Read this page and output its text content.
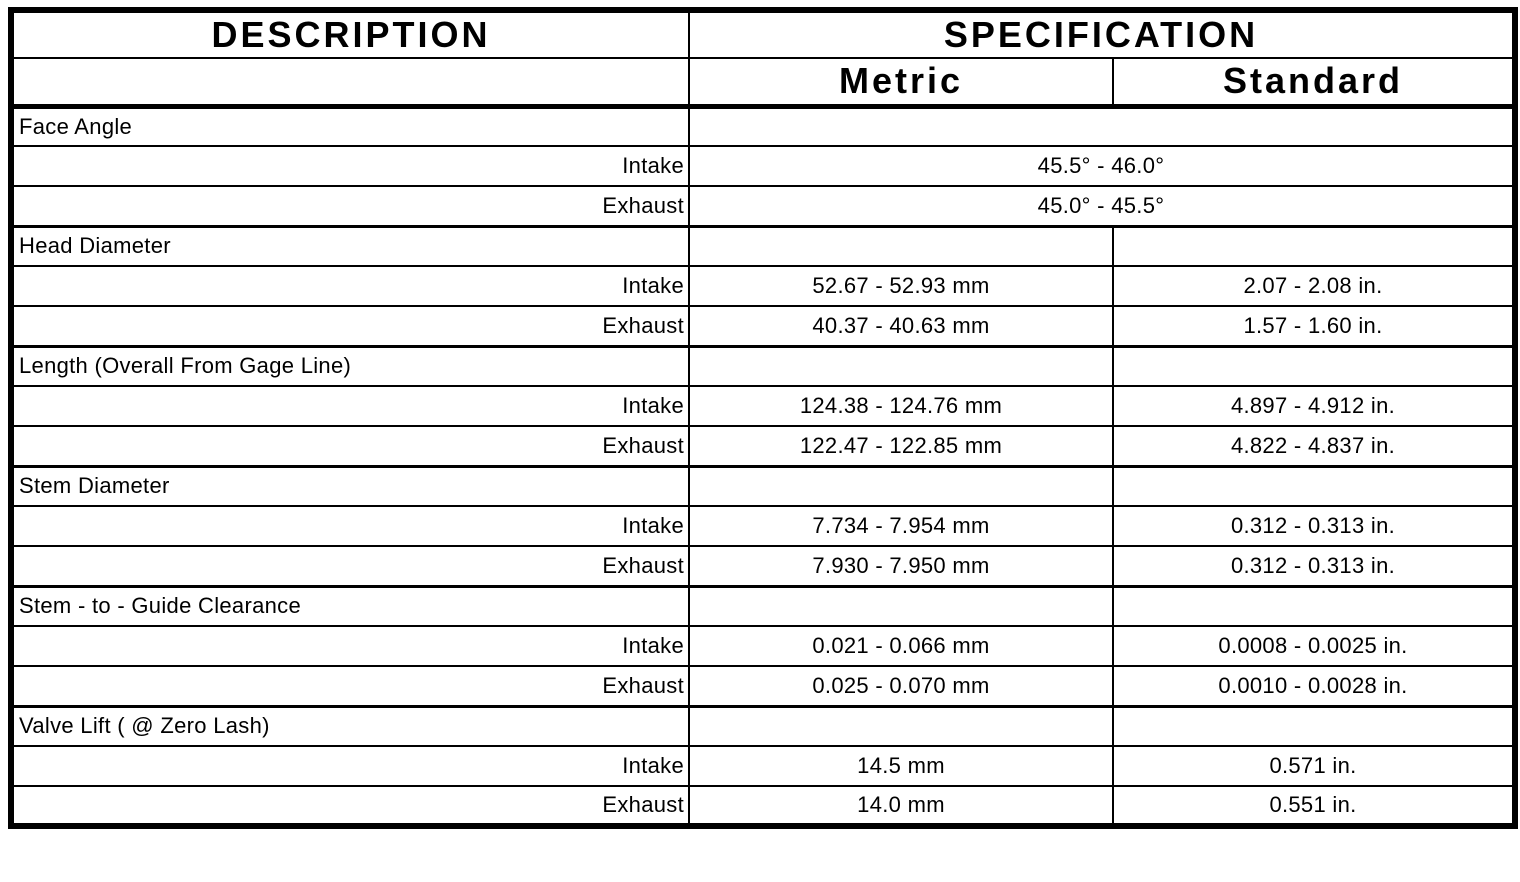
DESCRIPTION	SPECIFICATION	
	Metric	Standard
Face Angle		
Intake	45.5° - 46.0°	
Exhaust	45.0° - 45.5°	
Head Diameter		
Intake	52.67 - 52.93 mm	2.07 - 2.08 in.
Exhaust	40.37 - 40.63 mm	1.57 - 1.60 in.
Length (Overall From Gage Line)		
Intake	124.38 - 124.76 mm	4.897 - 4.912 in.
Exhaust	122.47 - 122.85 mm	4.822 - 4.837 in.
Stem Diameter		
Intake	7.734 - 7.954 mm	0.312 - 0.313 in.
Exhaust	7.930 - 7.950 mm	0.312 - 0.313 in.
Stem - to - Guide Clearance		
Intake	0.021 - 0.066 mm	0.0008 - 0.0025 in.
Exhaust	0.025 - 0.070 mm	0.0010 - 0.0028 in.
Valve Lift ( @ Zero Lash)		
Intake	14.5 mm	0.571 in.
Exhaust	14.0 mm	0.551 in.
